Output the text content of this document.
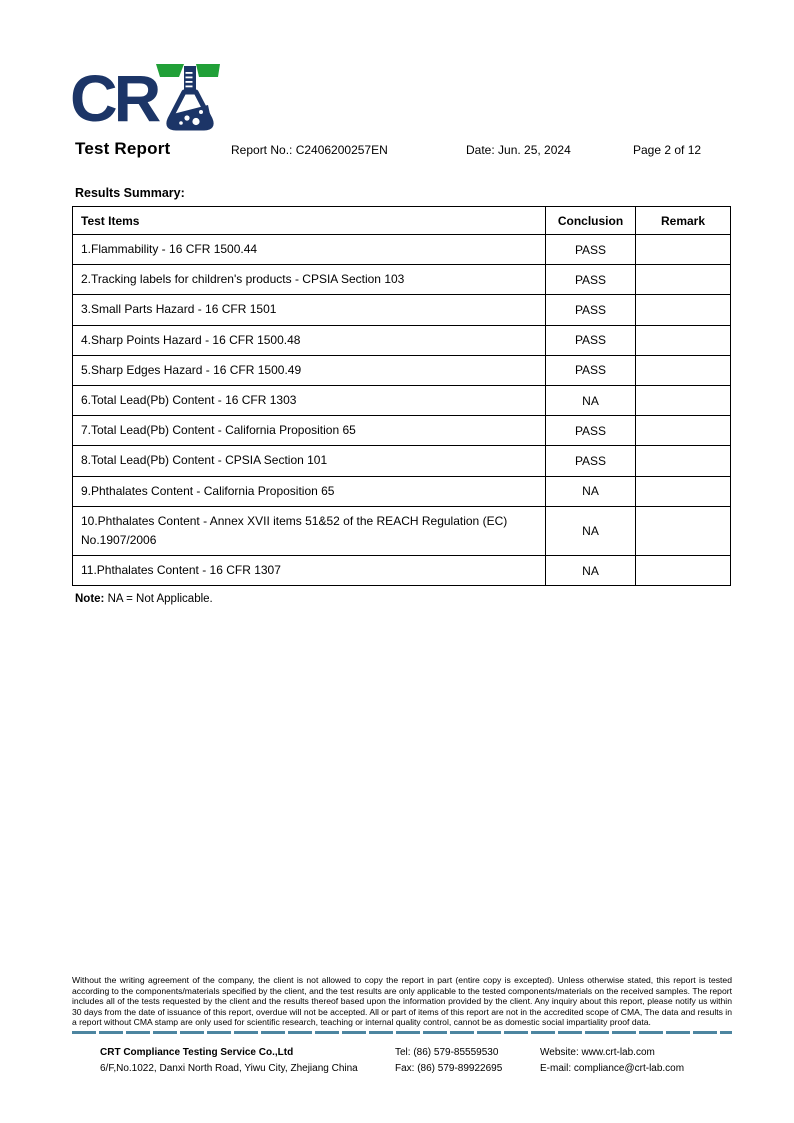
CR
Test Report	Report No.: C2406200257EN	Date: Jun. 25, 2024	Page 2 of 12
Results Summary:
Test Items	Conclusion	Remark
1.Flammability - 16 CFR 1500.44	PASS	
2.Tracking labels for children's products - CPSIA Section 103	PASS	
3.Small Parts Hazard - 16 CFR 1501	PASS	
4.Sharp Points Hazard - 16 CFR 1500.48	PASS	
5.Sharp Edges Hazard - 16 CFR 1500.49	PASS	
6.Total Lead(Pb) Content - 16 CFR 1303	NA	
7.Total Lead(Pb) Content - California Proposition 65	PASS	
8.Total Lead(Pb) Content - CPSIA Section 101	PASS	
9.Phthalates Content - California Proposition 65	NA	
10.Phthalates Content - Annex XVII items 51&52 of the REACH Regulation (EC) No.1907/2006	NA	
11.Phthalates Content - 16 CFR 1307	NA	
Note: NA = Not Applicable.
Without the writing agreement of the company, the client is not allowed to copy the report in part (entire copy is excepted). Unless otherwise stated, this report is tested according to the components/materials specified by the client, and the test results are only applicable to the tested components/materials on the received samples. The report includes all of the tests requested by the client and the results thereof based upon the information provided by the client. Any inquiry about this report, please notify us within 30 days from the date of issuance of this report, overdue will not be accepted. All or part of items of this report are not in the accredited scope of CMA, The data and results in a report without CMA stamp are only used for scientific research, teaching or internal quality control, cannot be as domestic social impartiality proof data.
CRT Compliance Testing Service Co.,Ltd
6/F,No.1022, Danxi North Road, Yiwu City, Zhejiang China
Tel: (86) 579-85559530
Fax: (86) 579-89922695
Website: www.crt-lab.com
E-mail: compliance@crt-lab.com
